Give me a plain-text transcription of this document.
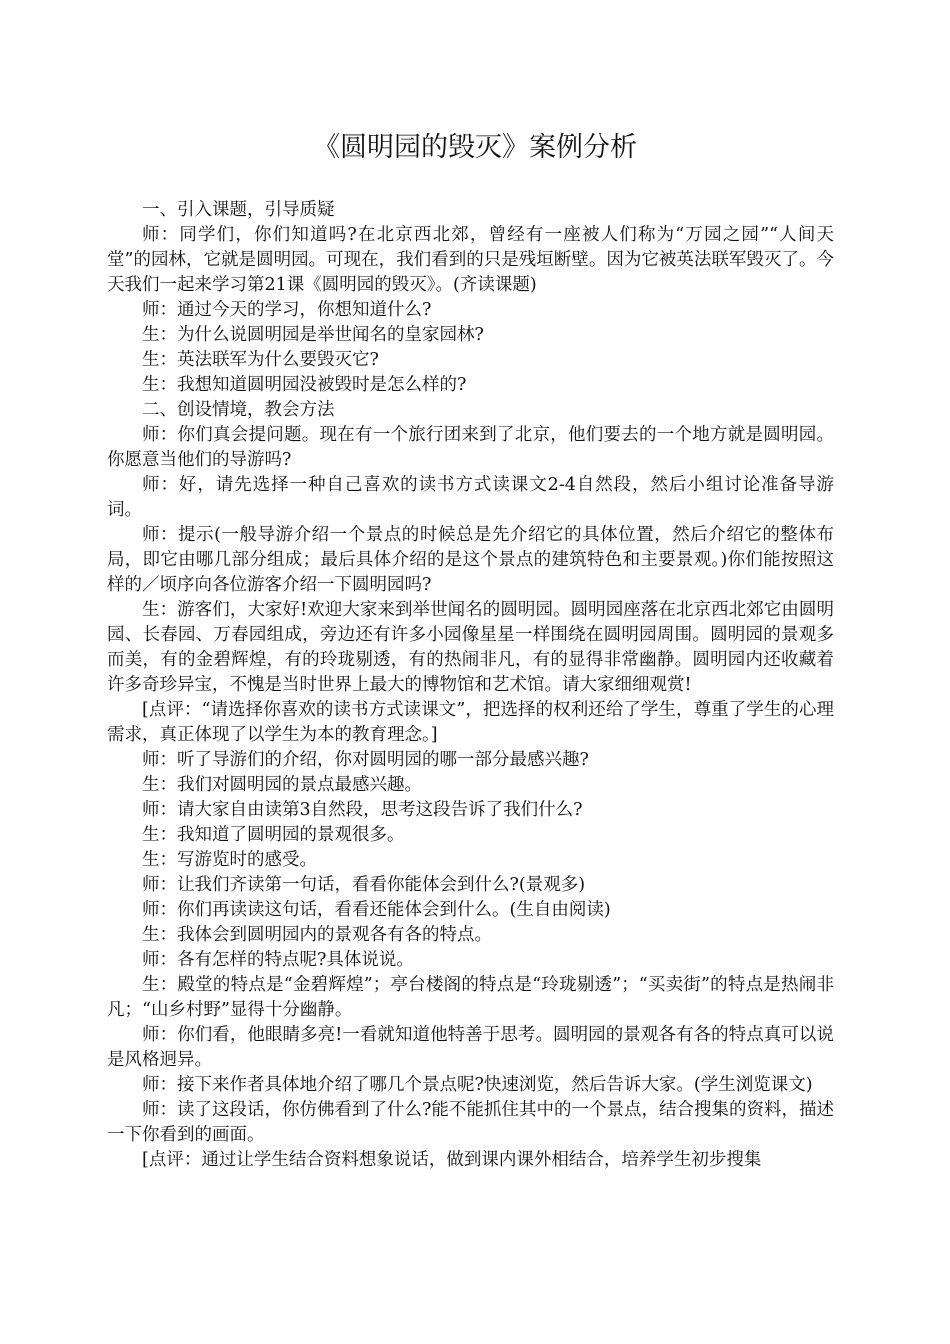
《圆明园的毁灭》案例分析

一、引入课题，引导质疑

师：同学们，你们知道吗?在北京西北郊，曾经有一座被人们称为“万园之园”“人间天堂”的园林，它就是圆明园。可现在，我们看到的只是残垣断壁。因为它被英法联军毁灭了。今天我们一起来学习第21课《圆明园的毁灭》。(齐读课题)

师：通过今天的学习，你想知道什么?

生：为什么说圆明园是举世闻名的皇家园林?

生：英法联军为什么要毁灭它?

生：我想知道圆明园没被毁时是怎么样的?

二、创设情境，教会方法

师：你们真会提问题。现在有一个旅行团来到了北京，他们要去的一个地方就是圆明园。你愿意当他们的导游吗?

师：好，请先选择一种自己喜欢的读书方式读课文2-4自然段，然后小组讨论准备导游词。

师：提示(一般导游介绍一个景点的时候总是先介绍它的具体位置，然后介绍它的整体布局，即它由哪几部分组成；最后具体介绍的是这个景点的建筑特色和主要景观。)你们能按照这样的／顷序向各位游客介绍一下圆明园吗?

生：游客们，大家好!欢迎大家来到举世闻名的圆明园。圆明园座落在北京西北郊它由圆明园、长春园、万春园组成，旁边还有许多小园像星星一样围绕在圆明园周围。圆明园的景观多而美，有的金碧辉煌，有的玲珑剔透，有的热闹非凡，有的显得非常幽静。圆明园内还收藏着许多奇珍异宝，不愧是当时世界上最大的博物馆和艺术馆。请大家细细观赏!

[点评：“请选择你喜欢的读书方式读课文”，把选择的权利还给了学生，尊重了学生的心理需求，真正体现了以学生为本的教育理念。]

师：听了导游们的介绍，你对圆明园的哪一部分最感兴趣?

生：我们对圆明园的景点最感兴趣。

师：请大家自由读第3自然段，思考这段告诉了我们什么?

生：我知道了圆明园的景观很多。

生：写游览时的感受。

师：让我们齐读第一句话，看看你能体会到什么?(景观多)

师：你们再读读这句话，看看还能体会到什么。(生自由阅读)

生：我体会到圆明园内的景观各有各的特点。

师：各有怎样的特点呢?具体说说。

生：殿堂的特点是“金碧辉煌”；亭台楼阁的特点是“玲珑剔透”；“买卖街”的特点是热闹非凡；“山乡村野”显得十分幽静。

师：你们看，他眼睛多亮!一看就知道他特善于思考。圆明园的景观各有各的特点真可以说是风格迥异。

师：接下来作者具体地介绍了哪几个景点呢?快速浏览，然后告诉大家。(学生浏览课文)

师：读了这段话，你仿佛看到了什么?能不能抓住其中的一个景点，结合搜集的资料，描述一下你看到的画面。

[点评：通过让学生结合资料想象说话，做到课内课外相结合，培养学生初步搜集
